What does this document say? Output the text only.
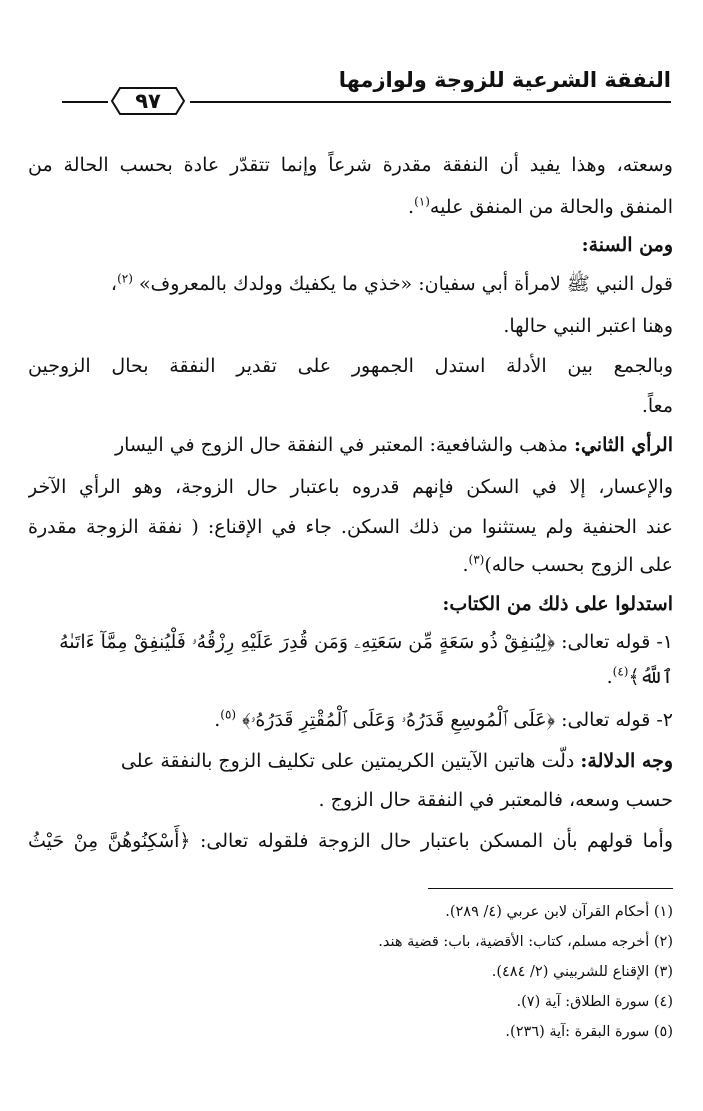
النفقة الشرعية للزوجة ولوازمها
٩٧
وسعته، وهذا يفيد أن النفقة مقدرة شرعاً وإنما تتقدّر عادة بحسب الحالة من
المنفق والحالة من المنفق عليه$^{(١)}$.
ومن السنة:
قول النبي ﷺ لامرأة أبي سفيان: «خذي ما يكفيك وولدك بالمعروف» $^{(٢)}$،
وهنا اعتبر النبي حالها.
وبالجمع بين الأدلة استدل الجمهور على تقدير النفقة بحال الزوجين
معاً.
الرأي الثاني: مذهب والشافعية: المعتبر في النفقة حال الزوج في اليسار
والإعسار، إلا في السكن فإنهم قدروه باعتبار حال الزوجة، وهو الرأي الآخر
عند الحنفية ولم يستثنوا من ذلك السكن. جاء في الإقناع: ( نفقة الزوجة مقدرة
على الزوج بحسب حاله)$^{(٣)}$.
استدلوا على ذلك من الكتاب:
١- قوله تعالى: ﴿لِيُنفِقْ ذُو سَعَةٍ مِّن سَعَتِهِۦ وَمَن قُدِرَ عَلَيْهِ رِزْقُهُۥ فَلْيُنفِقْ مِمَّآ ءَاتَىٰهُ
ٱللَّهُ﴾$^{(٤)}$.
٢- قوله تعالى: ﴿عَلَى ٱلْمُوسِعِ قَدَرُهُۥ وَعَلَى ٱلْمُقْتِرِ قَدَرُهُۥ﴾ $^{(٥)}$.
وجه الدلالة: دلّت هاتين الآيتين الكريمتين على تكليف الزوج بالنفقة على
حسب وسعه، فالمعتبر في النفقة حال الزوج .
وأما قولهم بأن المسكن باعتبار حال الزوجة فلقوله تعالى: ﴿أَسْكِنُوهُنَّ مِنْ حَيْثُ
(١) أحكام القرآن لابن عربي (٤/ ٢٨٩).
(٢) أخرجه مسلم، كتاب: الأقضية، باب: قضية هند.
(٣) الإقناع للشربيني (٢/ ٤٨٤).
(٤) سورة الطلاق: آية (٧).
(٥) سورة البقرة :آية (٢٣٦).
